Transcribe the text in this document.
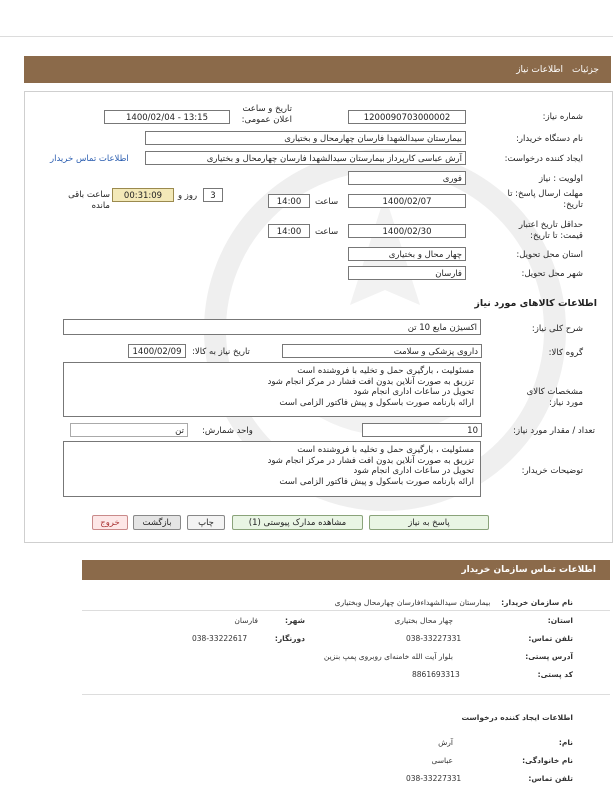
جزئیات
اطلاعات نیاز
شماره نیاز:
1200090703000002
تاریخ و ساعت اعلان عمومی:
1400/02/04 - 13:15
نام دستگاه خریدار:
بیمارستان سیدالشهدا فارسان چهارمحال و بختیاری
ایجاد کننده درخواست:
آرش عباسی کارپرداز بیمارستان سیدالشهدا فارسان چهارمحال و بختیاری
اطلاعات تماس خریدار
اولویت : نیاز
فوری
مهلت ارسال پاسخ: تا تاریخ:
1400/02/07
ساعت
14:00
3
روز و
00:31:09
ساعت باقی مانده
حداقل تاریخ اعتبار قیمت: تا تاریخ:
1400/02/30
ساعت
14:00
استان محل تحویل:
چهار محال و بختیاری
شهر محل تحویل:
فارسان
اطلاعات کالاهای مورد نیاز
شرح کلی نیاز:
اکسیژن مایع 10 تن
گروه کالا:
داروی پزشکی و سلامت
تاریخ نیاز به کالا:
1400/02/09
مشخصات کالای مورد نیاز:
مسئولیت ، بارگیری حمل و تخلیه با فروشنده است
تزریق به صورت آنلاین بدون افت فشار در مرکز انجام شود
تحویل در ساعات اداری انجام شود
ارائه بارنامه صورت باسکول و پیش فاکتور الزامی است
تعداد / مقدار مورد نیاز:
10
واحد شمارش:
تن
توضیحات خریدار:
مسئولیت ، بارگیری حمل و تخلیه با فروشنده است
تزریق به صورت آنلاین بدون افت فشار در مرکز انجام شود
تحویل در ساعات اداری انجام شود
ارائه بارنامه صورت باسکول و پیش فاکتور الزامی است
پاسخ به نیاز
مشاهده مدارک پیوستی (1)
چاپ
بازگشت
خروج
اطلاعات تماس سازمان خریدار
نام سازمان خریدار: بیمارستان سیدالشهداءفارسان چهارمحال وبختیاری
استان:
چهار محال بختیاری
شهر:
فارسان
تلفن تماس:
038-33227331
دورنگار:
038-33222617
آدرس پستی:
بلوار آیت الله خامنه‌ای روبروی پمپ بنزین
کد پستی:
8861693313
اطلاعات ایجاد کننده درخواست
نام:
آرش
نام خانوادگی:
عباسی
تلفن تماس:
038-33227331
